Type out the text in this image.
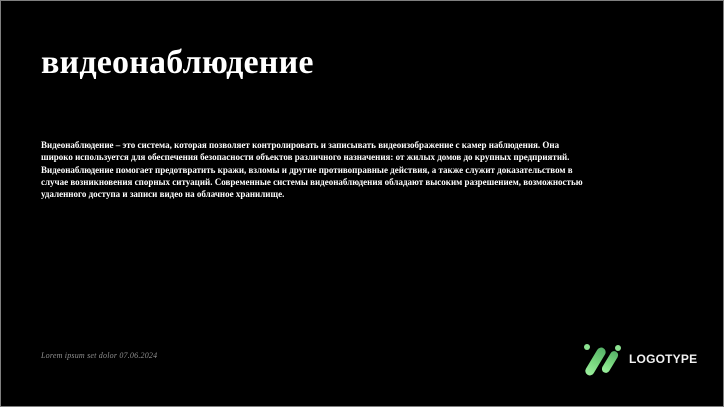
видеонаблюдение

Видеонаблюдение – это система, которая позволяет контролировать и записывать видеоизображение с камер наблюдения. Она широко используется для обеспечения безопасности объектов различного назначения: от жилых домов до крупных предприятий. Видеонаблюдение помогает предотвратить кражи, взломы и другие противоправные действия, а также служит доказательством в случае возникновения спорных ситуаций. Современные системы видеонаблюдения обладают высоким разрешением, возможностью удаленного доступа и записи видео на облачное хранилище.

Lorem ipsum set dolor 07.06.2024	LOGOTYPE
